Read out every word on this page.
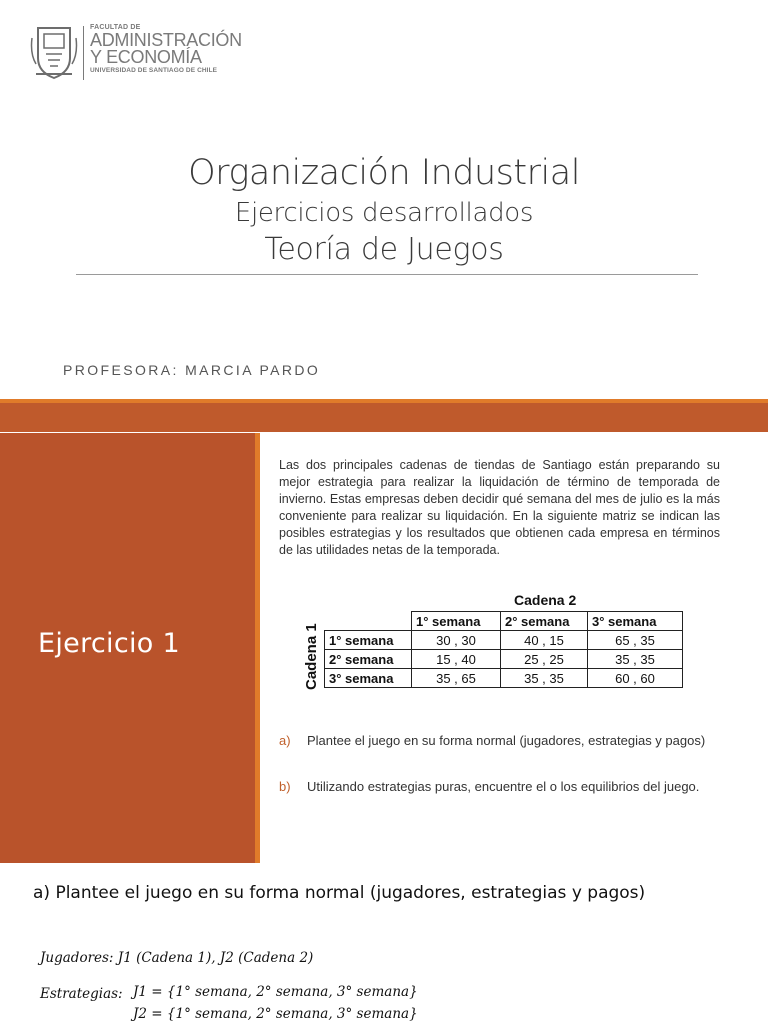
FACULTAD DE
ADMINISTRACIÓN
Y ECONOMÍA
UNIVERSIDAD DE SANTIAGO DE CHILE
Organización Industrial
Ejercicios desarrollados
Teoría de Juegos
PROFESORA: MARCIA PARDO
Ejercicio 1
Las dos principales cadenas de tiendas de Santiago están preparando su mejor estrategia para realizar la liquidación de término de temporada de invierno. Estas empresas deben decidir qué semana del mes de julio es la más conveniente para realizar su liquidación. En la siguiente matriz se indican las posibles estrategias y los resultados que obtienen cada empresa en términos de las utilidades netas de la temporada.
Cadena 2
Cadena 1
	1° semana	2° semana	3° semana
1° semana	30 , 30	40 , 15	65 , 35
2° semana	15 , 40	25 , 25	35 , 35
3° semana	35 , 65	35 , 35	60 , 60
a) Plantee el juego en su forma normal (jugadores, estrategias y pagos)
b) Utilizando estrategias puras, encuentre el o los equilibrios del juego.
a) Plantee el juego en su forma normal (jugadores, estrategias y pagos)
Jugadores: J1 (Cadena 1), J2 (Cadena 2)
Estrategias: J1 = {1° semana, 2° semana, 3° semana}
J2 = {1° semana, 2° semana, 3° semana}
